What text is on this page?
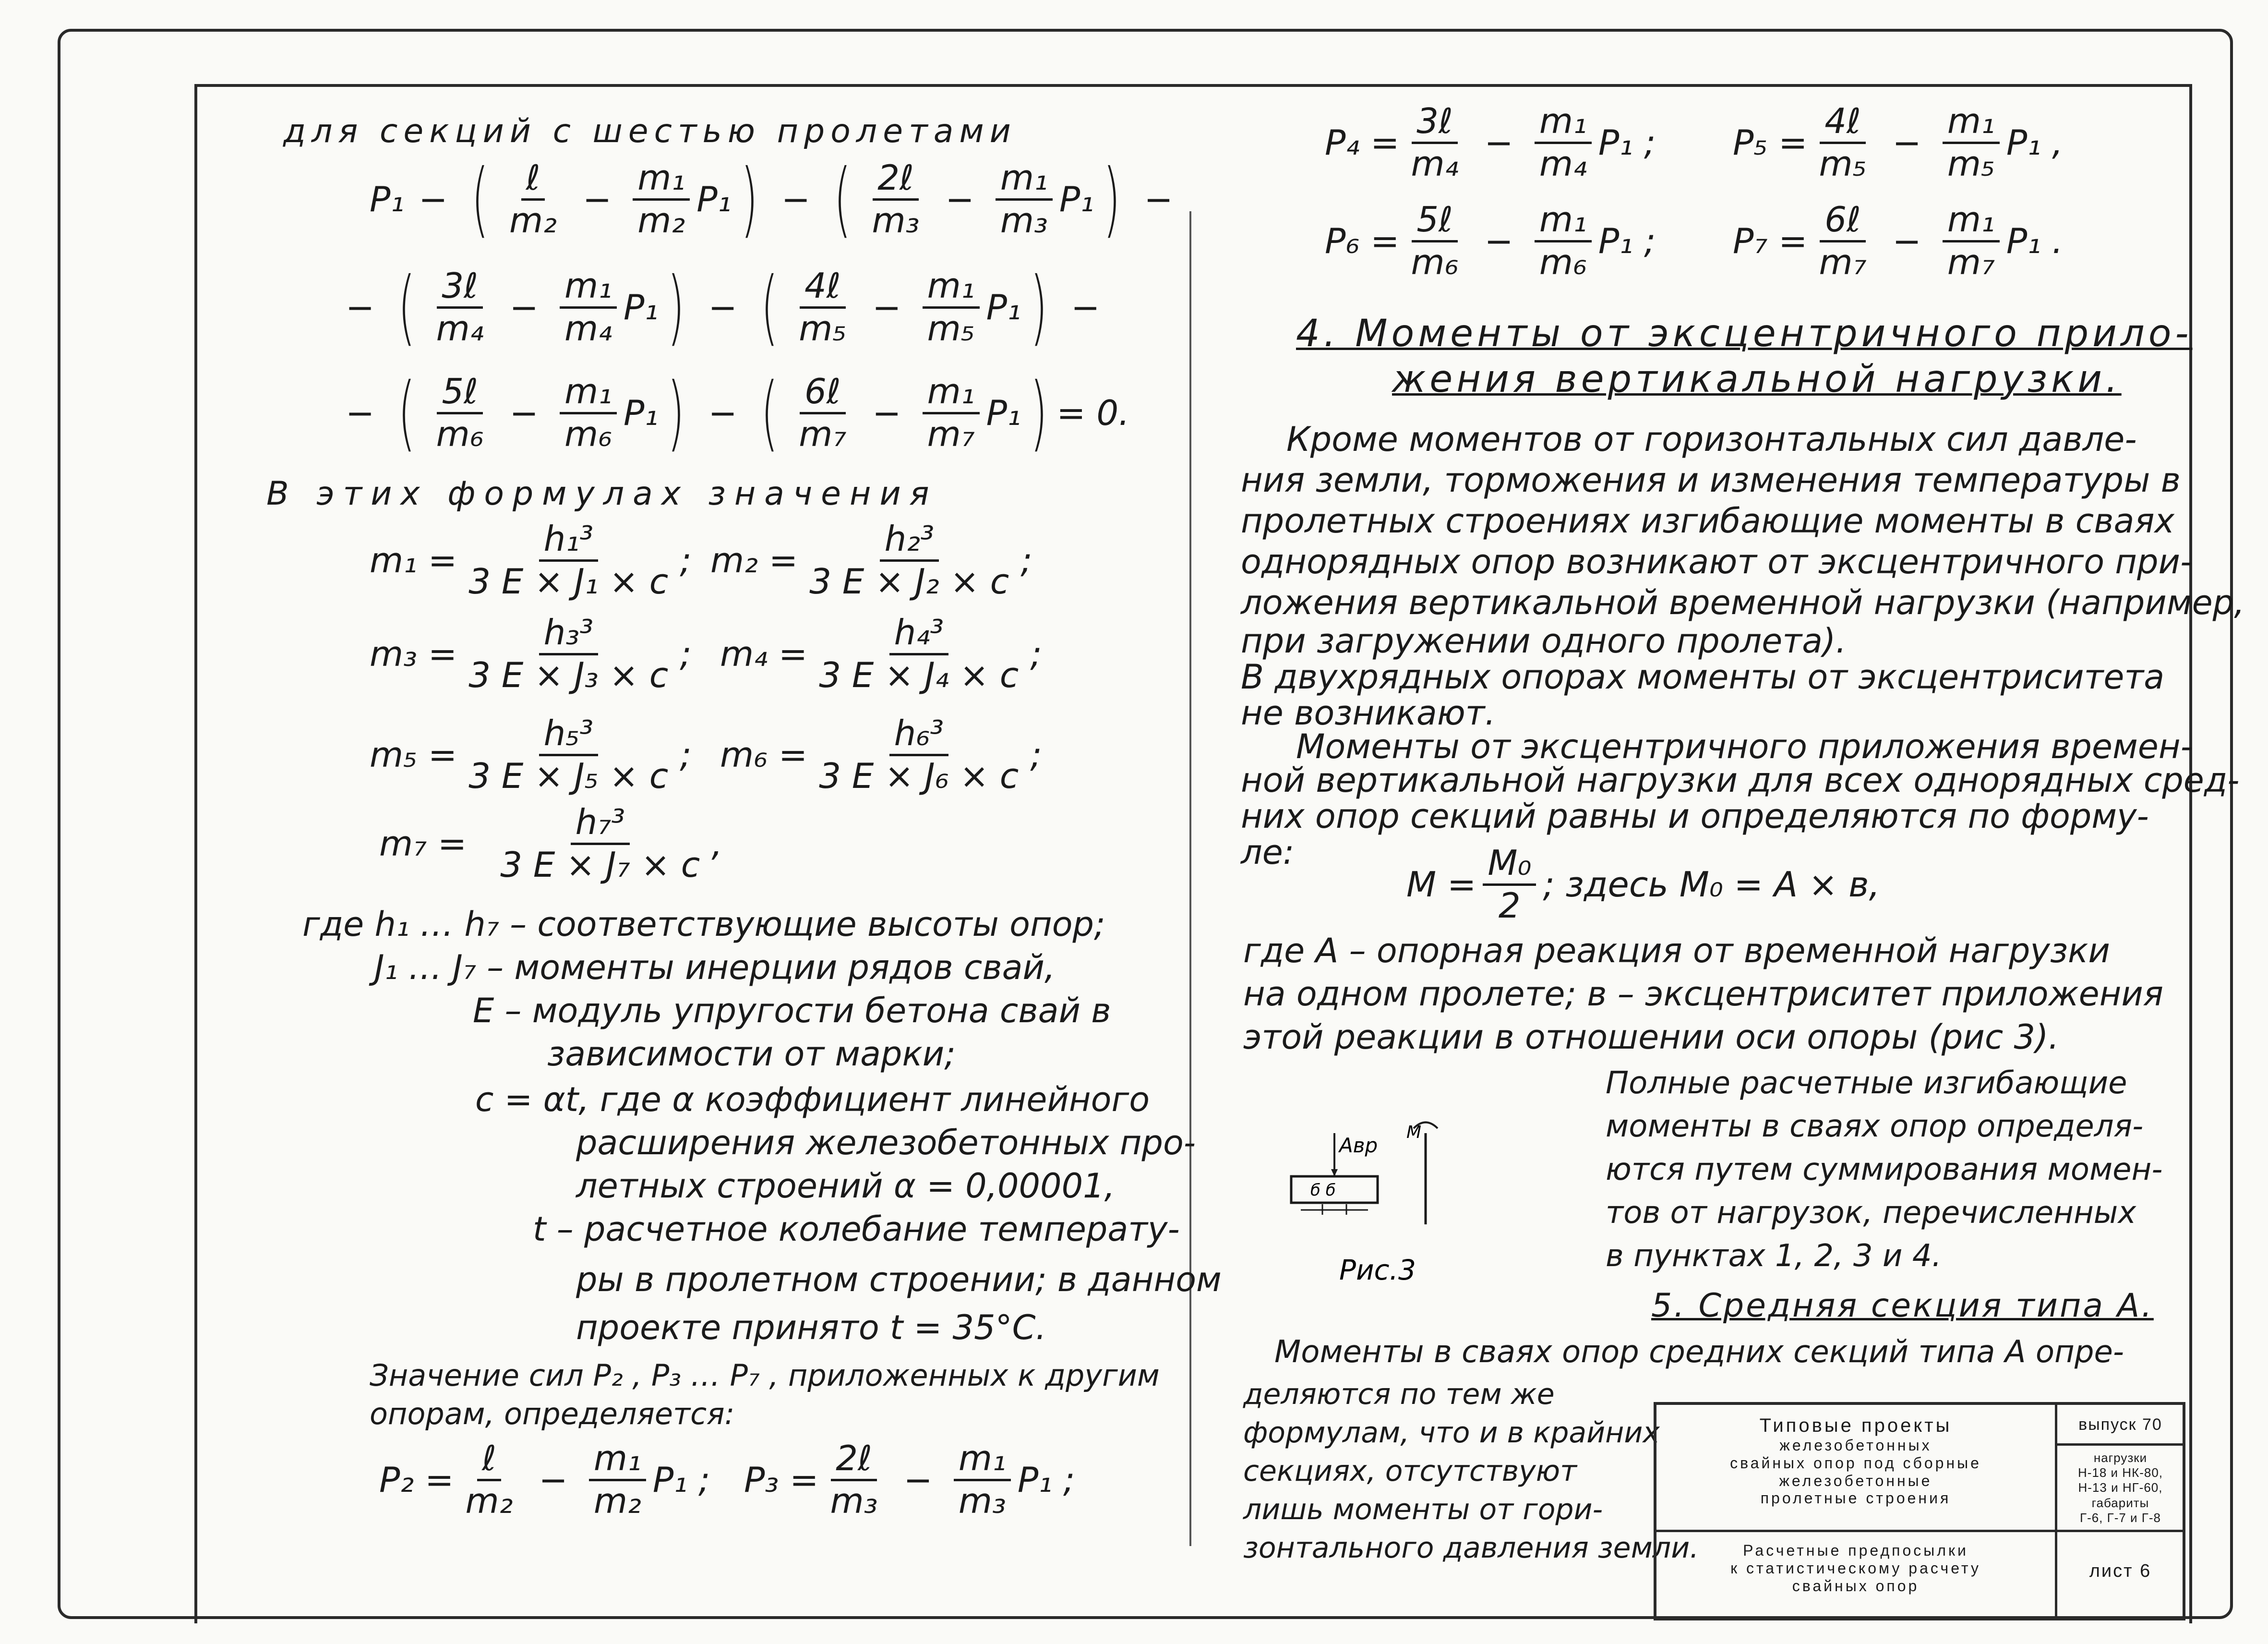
для секций с шестью пролетами
P₁ − ( $\frac{\text{ℓ}}{\text{m₂}} - \frac{\text{m₁}}{\text{m₂}} P_1$ ) − ( $\frac{\text{2ℓ}}{\text{m₃}} - \frac{\text{m₁}}{\text{m₃}} P_1$ ) −
− ( $\frac{\text{3ℓ}}{\text{m₄}} - \frac{\text{m₁}}{\text{m₄}} P_1$ ) − ( $\frac{\text{4ℓ}}{\text{m₅}} - \frac{\text{m₁}}{\text{m₅}} P_1$ ) −
− ( $\frac{\text{5ℓ}}{\text{m₆}} - \frac{\text{m₁}}{\text{m₆}} P_1$ ) − ( $\frac{\text{6ℓ}}{\text{m₇}} - \frac{\text{m₁}}{\text{m₇}} P_1$ ) = 0.
В этих формулах значения
$m_1 = \frac{\text{h₁³}}{\text{3 E × J₁ × c}}$ ; $m_2 = \frac{\text{h₂³}}{\text{3 E × J₂ × c}}$ ;
$m_3 = \frac{\text{h₃³}}{\text{3 E × J₃ × c}}$ ; $m_4 = \frac{\text{h₄³}}{\text{3 E × J₄ × c}}$ ;
$m_5 = \frac{\text{h₅³}}{\text{3 E × J₅ × c}}$ ; $m_6 = \frac{\text{h₆³}}{\text{3 E × J₆ × c}}$ ;
$m_7 = \frac{\text{h₇³}}{\text{3 E × J₇ × c}}$ ,
где h₁ … h₇ – соответствующие высоты опор;
J₁ … J₇ – моменты инерции рядов свай,
E – модуль упругости бетона свай в
зависимости от марки;
c = αt, где α коэффициент линейного
расширения железобетонных про-
летных строений α = 0,00001,
t – расчетное колебание температу-
ры в пролетном строении; в данном
проекте принято t = 35°C.
Значение сил P₂ , P₃ … P₇ , приложенных к другим
опорам, определяется:
$P_2 = \frac{\text{ℓ}}{\text{m₂}} - \frac{\text{m₁}}{\text{m₂}} P_1$ ; $P_3 = \frac{\text{2ℓ}}{\text{m₃}} - \frac{\text{m₁}}{\text{m₃}} P_1$ ;
$P_4 = \frac{\text{3ℓ}}{\text{m₄}} - \frac{\text{m₁}}{\text{m₄}} P_1$ ; $P_5 = \frac{\text{4ℓ}}{\text{m₅}} - \frac{\text{m₁}}{\text{m₅}} P_1$ ,
$P_6 = \frac{\text{5ℓ}}{\text{m₆}} - \frac{\text{m₁}}{\text{m₆}} P_1$ ; $P_7 = \frac{\text{6ℓ}}{\text{m₇}} - \frac{\text{m₁}}{\text{m₇}} P_1$ .
4. Моменты от эксцентричного прило-
жения вертикальной нагрузки.
Кроме моментов от горизонтальных сил давле-
ния земли, торможения и изменения температуры в
пролетных строениях изгибающие моменты в сваях
однорядных опор возникают от эксцентричного при-
ложения вертикальной временной нагрузки (например,
при загружении одного пролета).
В двухрядных опорах моменты от эксцентриситета
не возникают.
Моменты от эксцентричного приложения времен-
ной вертикальной нагрузки для всех однорядных сред-
них опор секций равны и определяются по форму-
ле:
$M = \frac{\text{M₀}}{2}$ ; здесь M₀ = A × в,
где А – опорная реакция от временной нагрузки
на одном пролете; в – эксцентриситет приложения
этой реакции в отношении оси опоры (рис 3).
Полные расчетные изгибающие
моменты в сваях опор определя-
ются путем суммирования момен-
тов от нагрузок, перечисленных
в пунктах 1, 2, 3 и 4.
Aвр
M
б б
Рис.3
5. Средняя секция типа А.
Моменты в сваях опор средних секций типа А опре-
деляются по тем же
формулам, что и в крайних
секциях, отсутствуют
лишь моменты от гори-
зонтального давления земли.
Типовые проекты
железобетонных
свайных опор под сборные
железобетонные
пролетные строения
выпуск 70
нагрузки
Н-18 и НК-80,
Н-13 и НГ-60,
габариты
Г-6, Г-7 и Г-8
Расчетные предпосылки
к статистическому расчету
свайных опор
лист 6
